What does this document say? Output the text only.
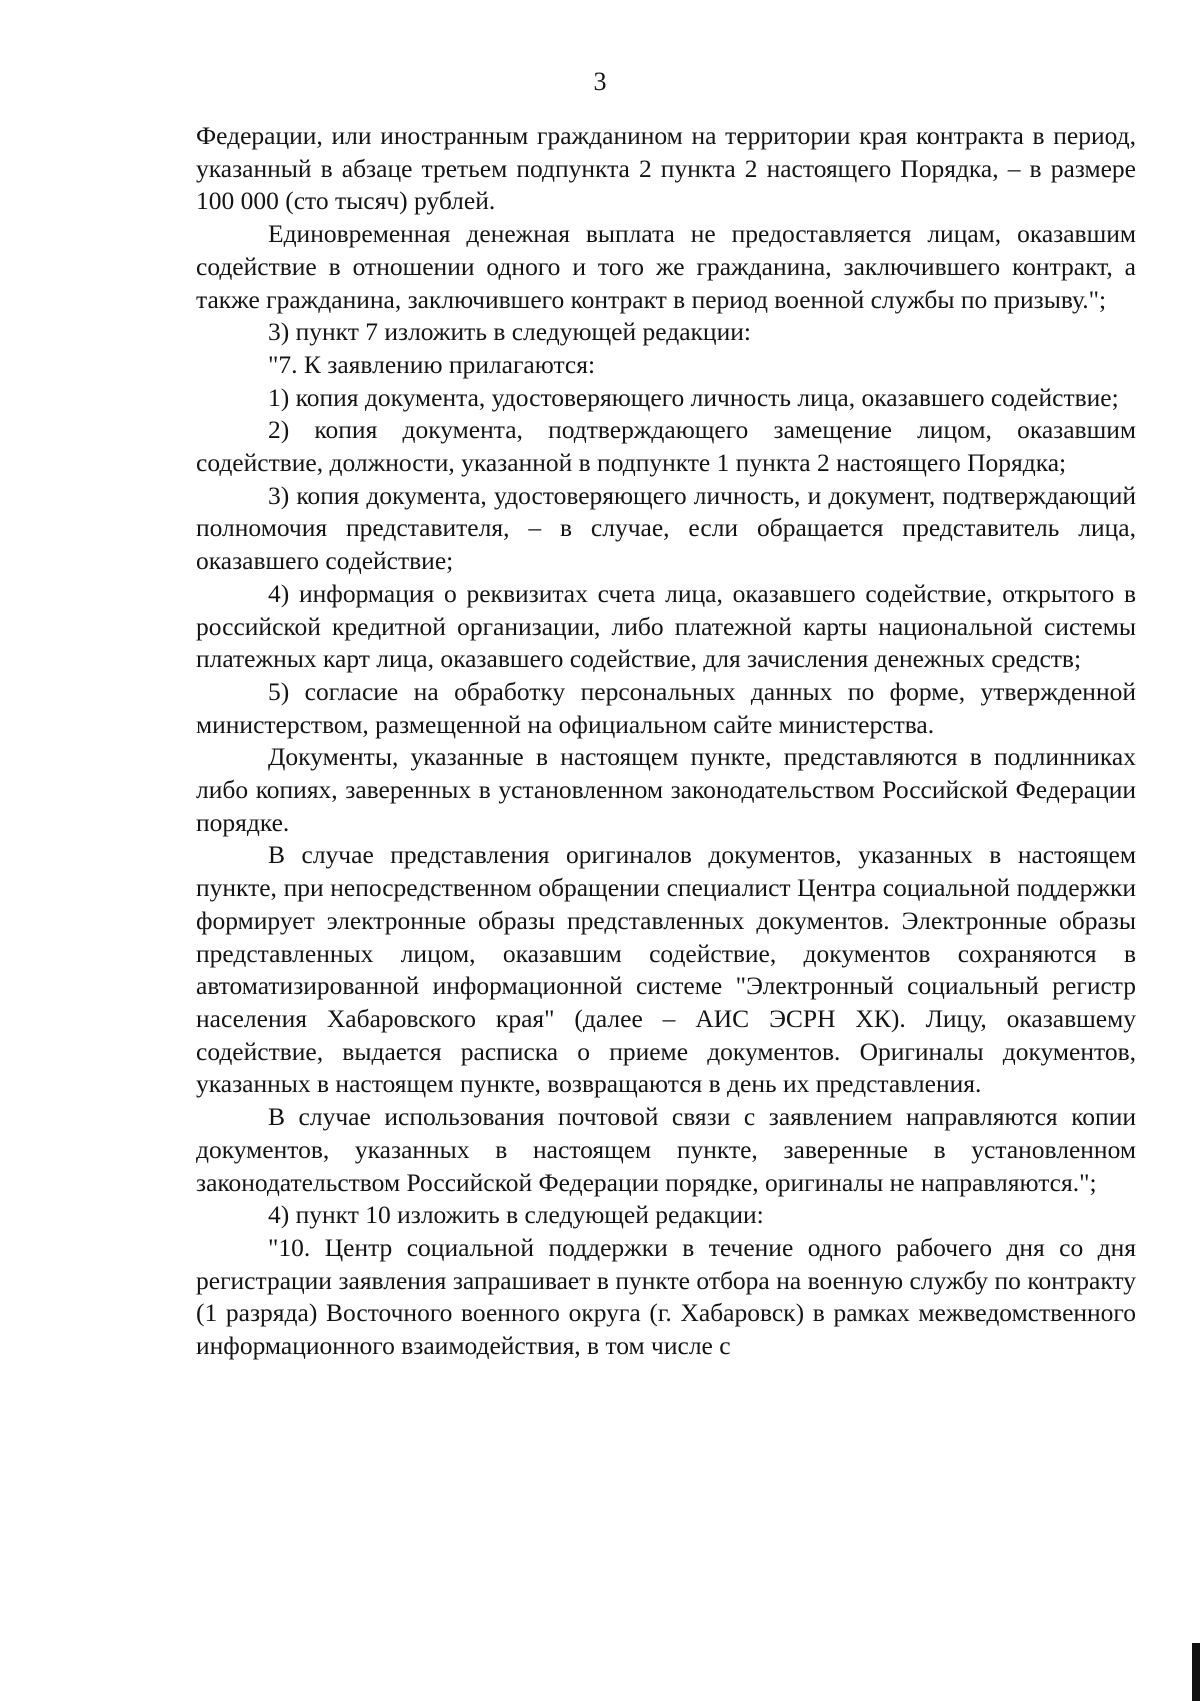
3

Федерации, или иностранным гражданином на территории края контракта в период, указанный в абзаце третьем подпункта 2 пункта 2 настоящего Порядка, – в размере 100 000 (сто тысяч) рублей.

Единовременная денежная выплата не предоставляется лицам, оказавшим содействие в отношении одного и того же гражданина, заключившего контракт, а также гражданина, заключившего контракт в период военной службы по призыву.";

3) пункт 7 изложить в следующей редакции:

"7. К заявлению прилагаются:

1) копия документа, удостоверяющего личность лица, оказавшего содействие;

2) копия документа, подтверждающего замещение лицом, оказавшим содействие, должности, указанной в подпункте 1 пункта 2 настоящего Порядка;

3) копия документа, удостоверяющего личность, и документ, подтверждающий полномочия представителя, – в случае, если обращается представитель лица, оказавшего содействие;

4) информация о реквизитах счета лица, оказавшего содействие, открытого в российской кредитной организации, либо платежной карты национальной системы платежных карт лица, оказавшего содействие, для зачисления денежных средств;

5) согласие на обработку персональных данных по форме, утвержденной министерством, размещенной на официальном сайте министерства.

Документы, указанные в настоящем пункте, представляются в подлинниках либо копиях, заверенных в установленном законодательством Российской Федерации порядке.

В случае представления оригиналов документов, указанных в настоящем пункте, при непосредственном обращении специалист Центра социальной поддержки формирует электронные образы представленных документов. Электронные образы представленных лицом, оказавшим содействие, документов сохраняются в автоматизированной информационной системе "Электронный социальный регистр населения Хабаровского края" (далее – АИС ЭСРН ХК). Лицу, оказавшему содействие, выдается расписка о приеме документов. Оригиналы документов, указанных в настоящем пункте, возвращаются в день их представления.

В случае использования почтовой связи с заявлением направляются копии документов, указанных в настоящем пункте, заверенные в установленном законодательством Российской Федерации порядке, оригиналы не направляются.";

4) пункт 10 изложить в следующей редакции:

"10. Центр социальной поддержки в течение одного рабочего дня со дня регистрации заявления запрашивает в пункте отбора на военную службу по контракту (1 разряда) Восточного военного округа (г. Хабаровск) в рамках межведомственного информационного взаимодействия, в том числе с
